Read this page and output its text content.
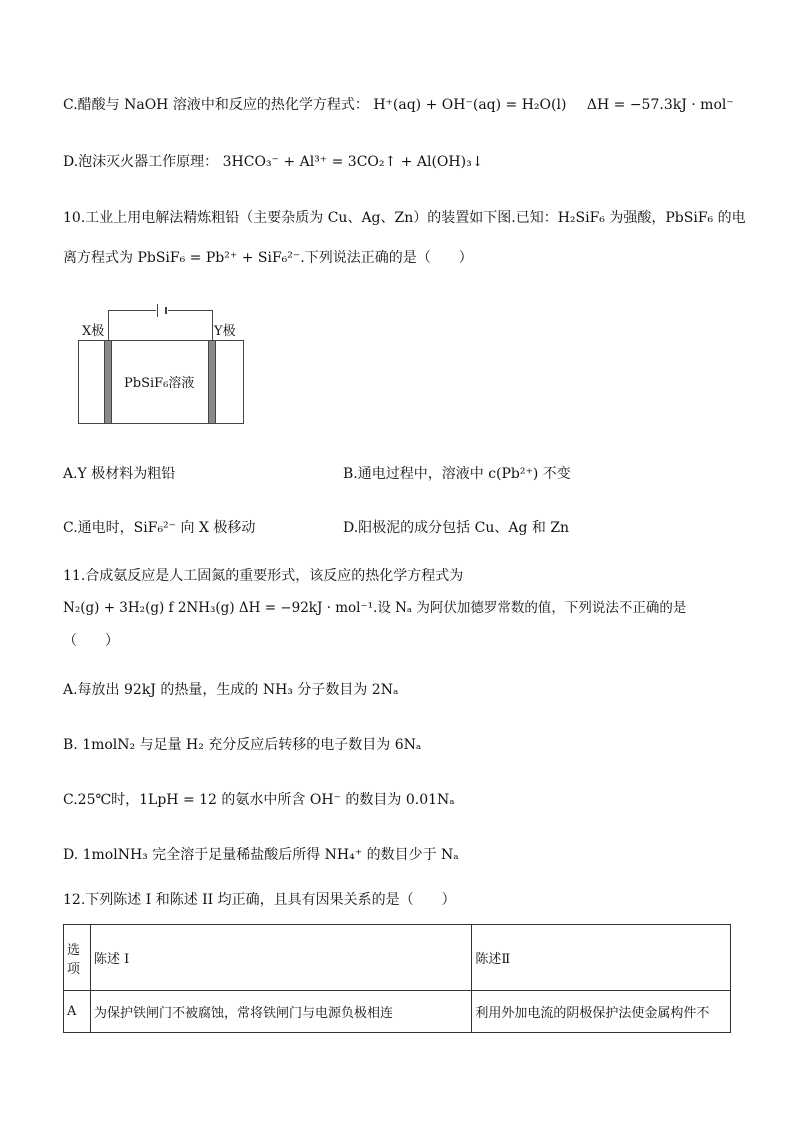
C.醋酸与 NaOH 溶液中和反应的热化学方程式： H⁺(aq) + OH⁻(aq) = H₂O(l) ΔH = −57.3kJ · mol⁻
D.泡沫灭火器工作原理： 3HCO₃⁻ + Al³⁺ = 3CO₂↑ + Al(OH)₃↓
10.工业上用电解法精炼粗铅（主要杂质为 Cu、Ag、Zn）的装置如下图.已知：H₂SiF₆ 为强酸，PbSiF₆ 的电
离方程式为 PbSiF₆ = Pb²⁺ + SiF₆²⁻.下列说法正确的是（　　）
X极	Y极
PbSiF₆溶液
A.Y 极材料为粗铅	B.通电过程中，溶液中 c(Pb²⁺) 不变
C.通电时，SiF₆²⁻ 向 X 极移动	D.阳极泥的成分包括 Cu、Ag 和 Zn
11.合成氨反应是人工固氮的重要形式，该反应的热化学方程式为
N₂(g) + 3H₂(g) f 2NH₃(g) ΔH = −92kJ · mol⁻¹.设 Nₐ 为阿伏加德罗常数的值，下列说法不正确的是
（　　）
A.每放出 92kJ 的热量，生成的 NH₃ 分子数目为 2Nₐ
B. 1molN₂ 与足量 H₂ 充分反应后转移的电子数目为 6Nₐ
C.25℃时，1LpH = 12 的氨水中所含 OH⁻ 的数目为 0.01Nₐ
D. 1molNH₃ 完全溶于足量稀盐酸后所得 NH₄⁺ 的数目少于 Nₐ
12.下列陈述 I 和陈述 II 均正确，且具有因果关系的是（　　）
选项	陈述 I	陈述Ⅱ
A	为保护铁闸门不被腐蚀，常将铁闸门与电源负极相连	利用外加电流的阴极保护法使金属构件不
